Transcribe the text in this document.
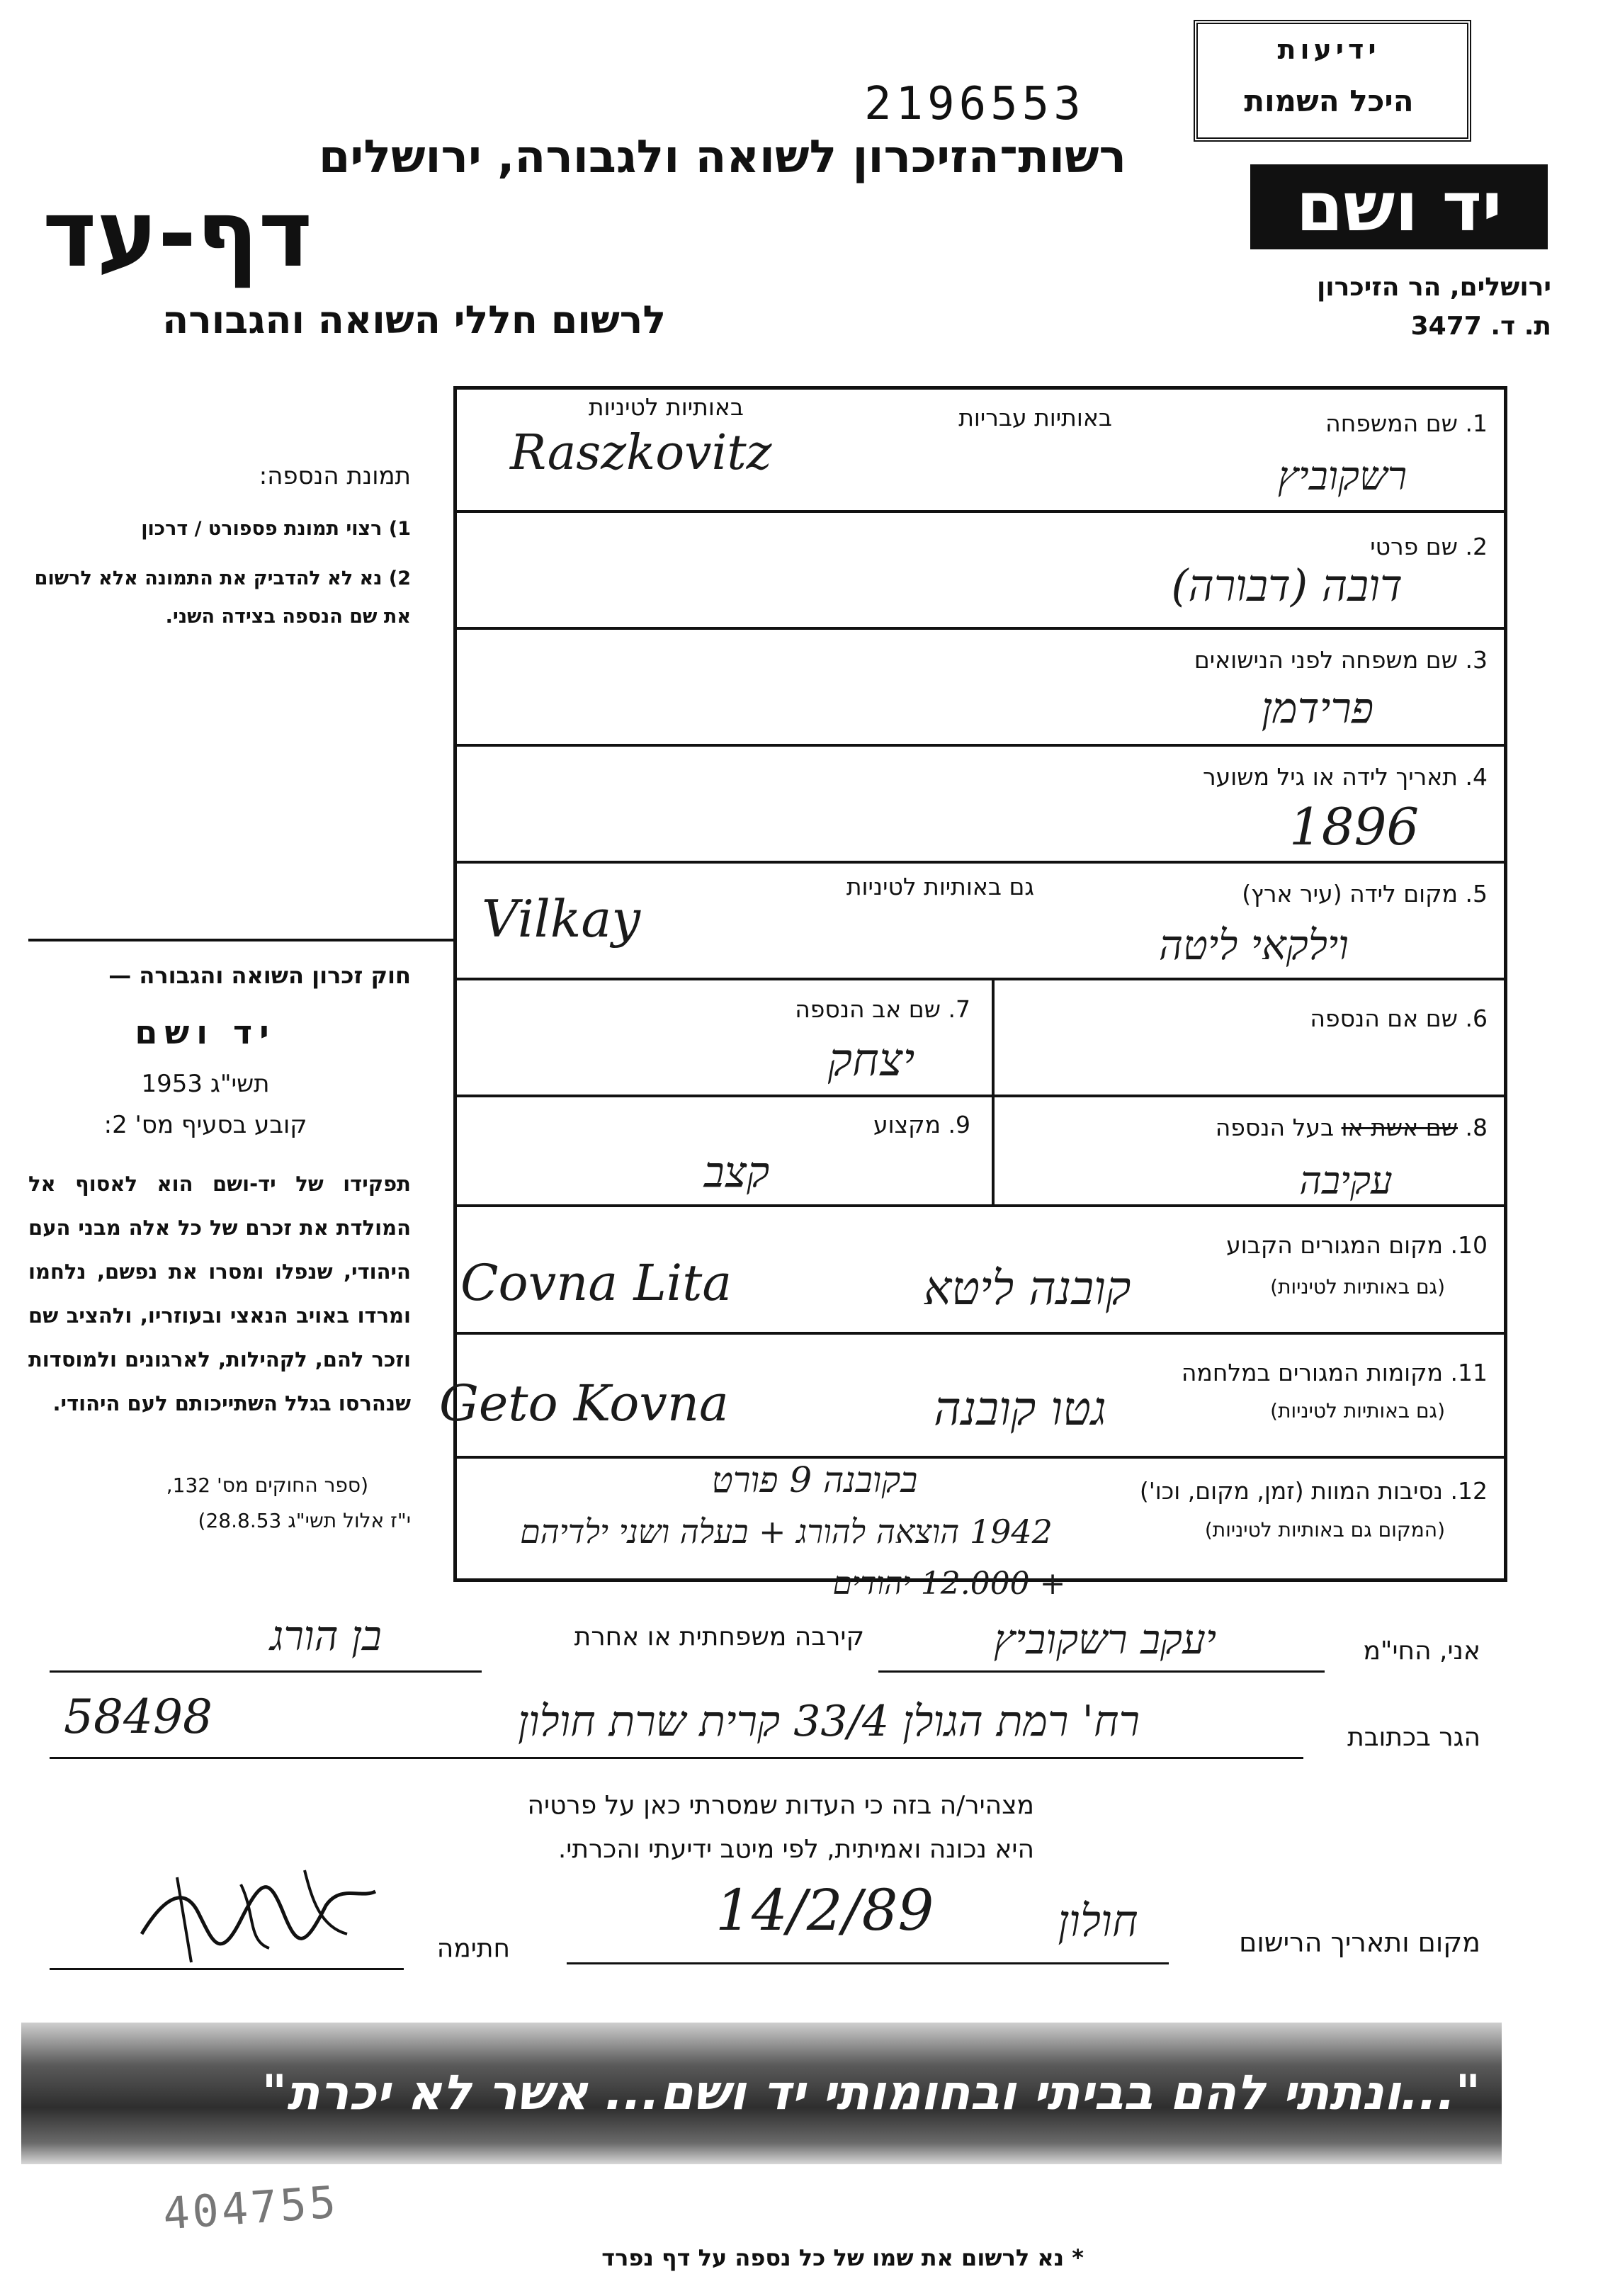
2196553
רשות־הזיכרון לשואה ולגבורה, ירושלים
דף-עד
לרשום חללי השואה והגבורה
ידיעות
היכל השמות
יד ושם
ירושלים, הר הזיכרון
ת. ד. 3477
תמונת הנספה:
1) רצוי תמונת פספורט / דרכון
2) נא לא להדביק את התמונה אלא לרשום את שם הנספה בצידה השני.
חוק זכרון השואה והגבורה —
יד ושם
תשי"ג 1953
קובע בסעיף מס' 2:
תפקידו של יד-ושם הוא לאסוף אל המולדת את זכרם של כל אלה מבני העם היהודי, שנפלו ומסרו את נפשם, נלחמו ומרדו באויב הנאצי ובעוזריו, ולהציב שם וזכר להם, לקהילות, לארגונים ולמוסדות שנהרסו בגלל השתייכותם לעם היהודי.
(ספר החוקים מס' 132,
י"ז אלול תשי"ג 28.8.53)
1. שם המשפחה
באותיות עבריות
באותיות לטיניות
Raszkovitz	רשקוביץ
2. שם פרטי
דובה (דבורה)
3. שם משפחה לפני הנישואים
פרידמן
4. תאריך לידה או גיל משוער
1896
5. מקום לידה (עיר ארץ)
גם באותיות לטיניות
Vilkay	וילקאי ליטה
6. שם אם הנספה
7. שם אב הנספה
יצחק
8. שם אשת או בעל הנספה
עקיבה
9. מקצוע
קצב
10. מקום המגורים הקבוע
(גם באותיות לטיניות)
Covna Lita	קובנה ליטא
11. מקומות המגורים במלחמה
(גם באותיות לטיניות)
Geto Kovna	גטו קובנה
12. נסיבות המוות (זמן, מקום, וכו')
(המקום גם באותיות לטיניות)
בקובנה 9 פורט
1942 הוצאה להורג + בעלה ושני ילדיהם
+ 12.000 יהודים
אני, החי"מ
יעקב רשקוביץ
קירבה משפחתית או אחרת
בן הורג
הגר בכתובת
58498	רח' רמת הגולן 33/4 קרית שרת חולון
מצהיר/ה בזה כי העדות שמסרתי כאן על פרטיה
היא נכונה ואמיתית, לפי מיטב ידיעתי והכרתי.
חתימה	מקום ותאריך הרישום
14/2/89	חולון
"...ונתתי להם בביתי ובחומותי יד ושם... אשר לא יכרת"
404755
* נא לרשום את שמו של כל נספה על דף נפרד
